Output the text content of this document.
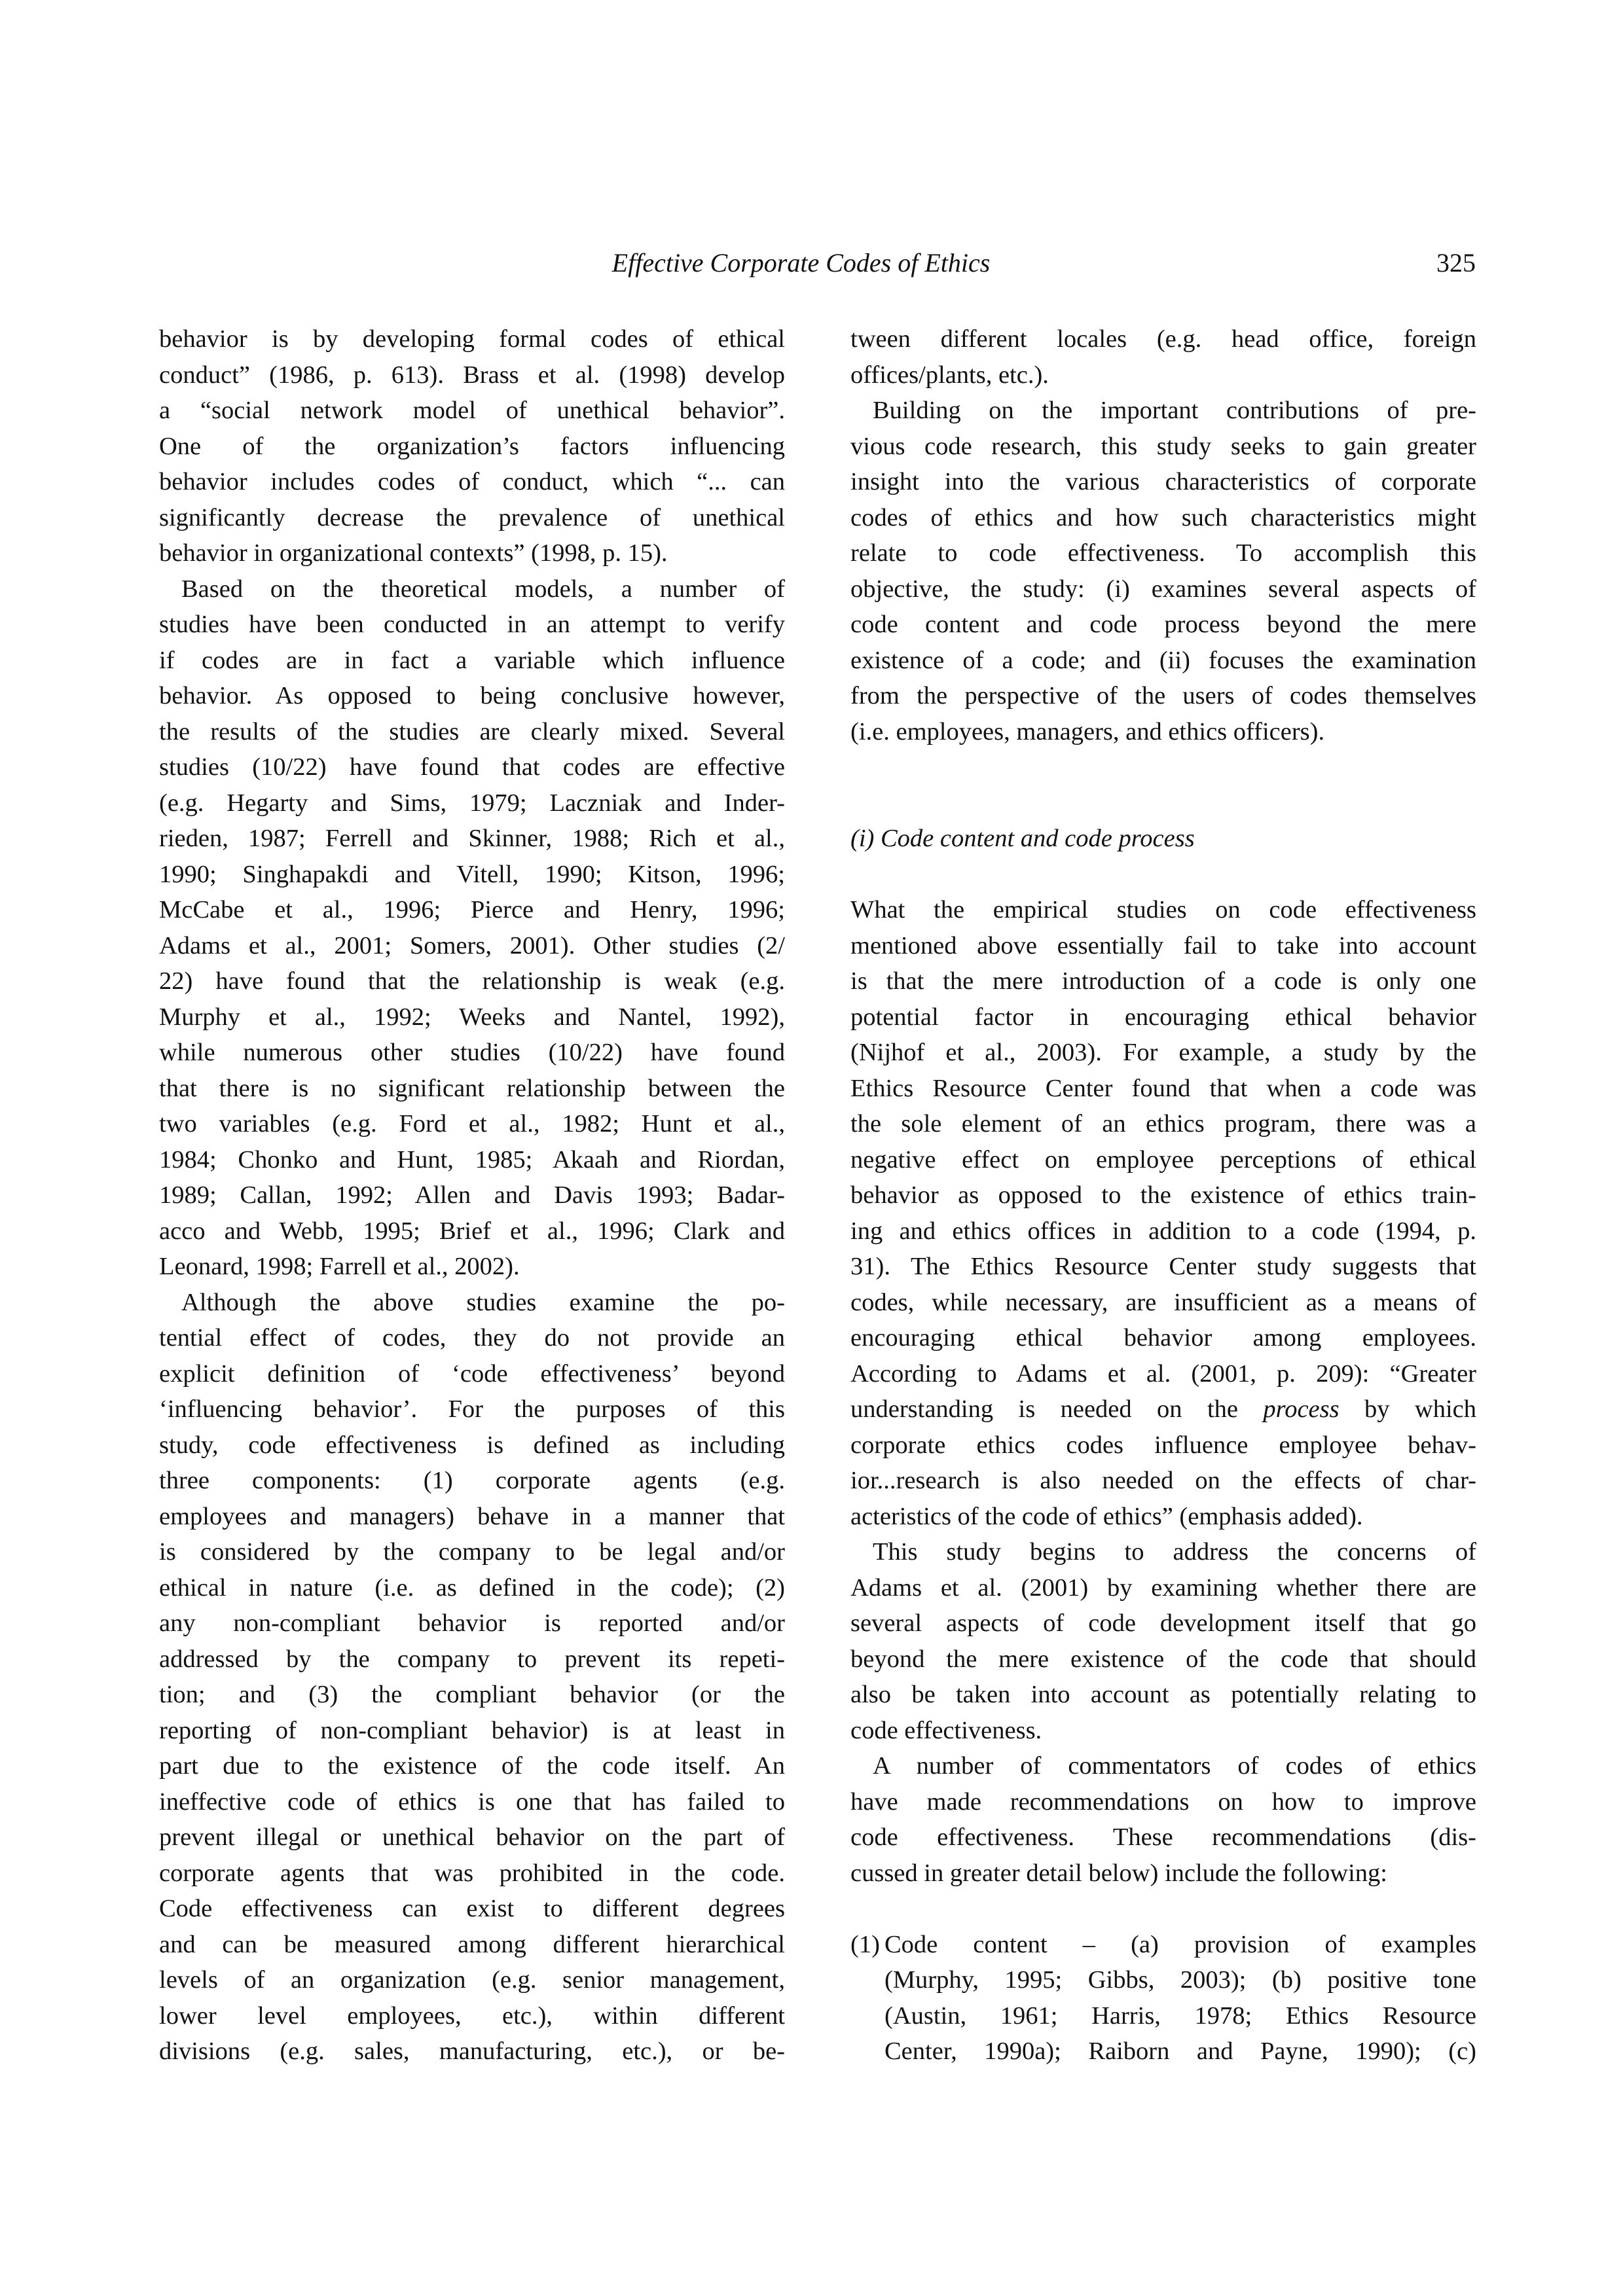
Effective Corporate Codes of Ethics	325
behavior is by developing formal codes of ethical
conduct” (1986, p. 613). Brass et al. (1998) develop
a “social network model of unethical behavior”.
One of the organization’s factors influencing
behavior includes codes of conduct, which “... can
significantly decrease the prevalence of unethical
behavior in organizational contexts” (1998, p. 15).
Based on the theoretical models, a number of
studies have been conducted in an attempt to verify
if codes are in fact a variable which influence
behavior. As opposed to being conclusive however,
the results of the studies are clearly mixed. Several
studies (10/22) have found that codes are effective
(e.g. Hegarty and Sims, 1979; Laczniak and Inder-
rieden, 1987; Ferrell and Skinner, 1988; Rich et al.,
1990; Singhapakdi and Vitell, 1990; Kitson, 1996;
McCabe et al., 1996; Pierce and Henry, 1996;
Adams et al., 2001; Somers, 2001). Other studies (2/
22) have found that the relationship is weak (e.g.
Murphy et al., 1992; Weeks and Nantel, 1992),
while numerous other studies (10/22) have found
that there is no significant relationship between the
two variables (e.g. Ford et al., 1982; Hunt et al.,
1984; Chonko and Hunt, 1985; Akaah and Riordan,
1989; Callan, 1992; Allen and Davis 1993; Badar-
acco and Webb, 1995; Brief et al., 1996; Clark and
Leonard, 1998; Farrell et al., 2002).
Although the above studies examine the po-
tential effect of codes, they do not provide an
explicit definition of ‘code effectiveness’ beyond
‘influencing behavior’. For the purposes of this
study, code effectiveness is defined as including
three components: (1) corporate agents (e.g.
employees and managers) behave in a manner that
is considered by the company to be legal and/or
ethical in nature (i.e. as defined in the code); (2)
any non-compliant behavior is reported and/or
addressed by the company to prevent its repeti-
tion; and (3) the compliant behavior (or the
reporting of non-compliant behavior) is at least in
part due to the existence of the code itself. An
ineffective code of ethics is one that has failed to
prevent illegal or unethical behavior on the part of
corporate agents that was prohibited in the code.
Code effectiveness can exist to different degrees
and can be measured among different hierarchical
levels of an organization (e.g. senior management,
lower level employees, etc.), within different
divisions (e.g. sales, manufacturing, etc.), or be-
tween different locales (e.g. head office, foreign
offices/plants, etc.).
Building on the important contributions of pre-
vious code research, this study seeks to gain greater
insight into the various characteristics of corporate
codes of ethics and how such characteristics might
relate to code effectiveness. To accomplish this
objective, the study: (i) examines several aspects of
code content and code process beyond the mere
existence of a code; and (ii) focuses the examination
from the perspective of the users of codes themselves
(i.e. employees, managers, and ethics officers).
(i) Code content and code process
What the empirical studies on code effectiveness
mentioned above essentially fail to take into account
is that the mere introduction of a code is only one
potential factor in encouraging ethical behavior
(Nijhof et al., 2003). For example, a study by the
Ethics Resource Center found that when a code was
the sole element of an ethics program, there was a
negative effect on employee perceptions of ethical
behavior as opposed to the existence of ethics train-
ing and ethics offices in addition to a code (1994, p.
31). The Ethics Resource Center study suggests that
codes, while necessary, are insufficient as a means of
encouraging ethical behavior among employees.
According to Adams et al. (2001, p. 209): “Greater
understanding is needed on the process by which
corporate ethics codes influence employee behav-
ior...research is also needed on the effects of char-
acteristics of the code of ethics” (emphasis added).
This study begins to address the concerns of
Adams et al. (2001) by examining whether there are
several aspects of code development itself that go
beyond the mere existence of the code that should
also be taken into account as potentially relating to
code effectiveness.
A number of commentators of codes of ethics
have made recommendations on how to improve
code effectiveness. These recommendations (dis-
cussed in greater detail below) include the following:
(1) Code content – (a) provision of examples
(Murphy, 1995; Gibbs, 2003); (b) positive tone
(Austin, 1961; Harris, 1978; Ethics Resource
Center, 1990a); Raiborn and Payne, 1990); (c)
